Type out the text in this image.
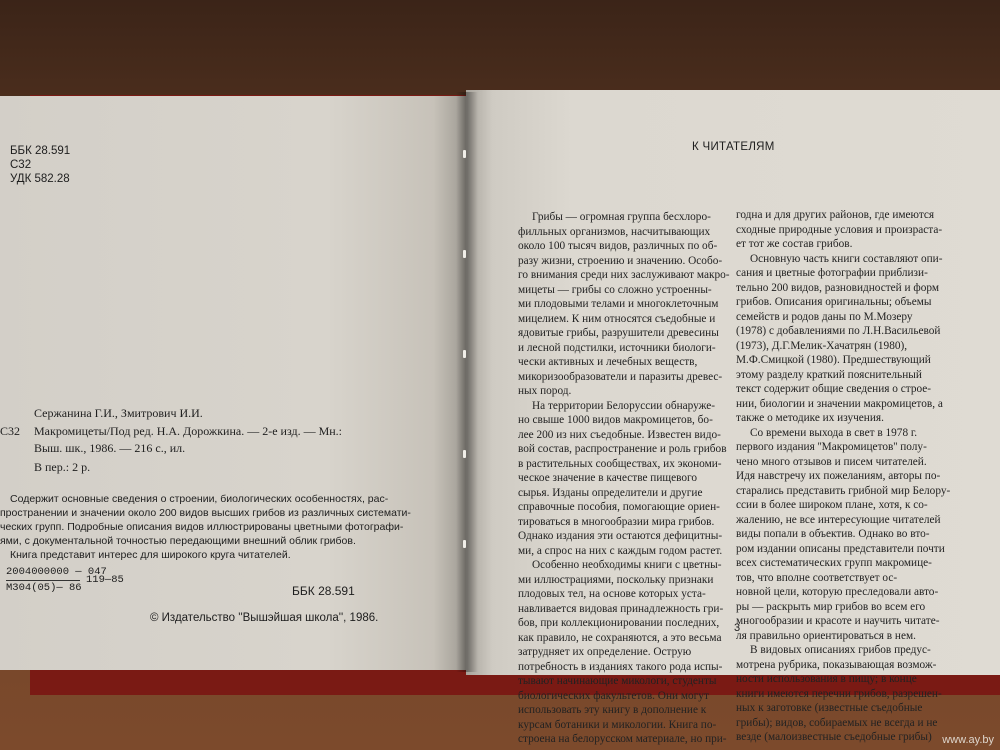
ББК 28.591
С32
УДК 582.28
Сержанина Г.И., Змитрович И.И.
С32 Макромицеты/Под ред. Н.А. Дорожкина. — 2-е изд. — Мн.:
Выш. шк., 1986. — 216 с., ил.
В пер.: 2 р.
Содержит основные сведения о строении, биологических особенностях, рас-
пространении и значении около 200 видов высших грибов из различных системати-
ческих групп. Подробные описания видов иллюстрированы цветными фотографи-
ями, с документальной точностью передающими внешний облик грибов.
Книга представит интерес для широкого круга читателей.
2004000000 — 047
М304(05)— 86
119—85
ББК 28.591
© Издательство ''Вышэйшая школа'', 1986.
К ЧИТАТЕЛЯМ
Грибы — огромная группа бесхлоро-
филльных организмов, насчитывающих
около 100 тысяч видов, различных по об-
разу жизни, строению и значению. Особо-
го внимания среди них заслуживают макро-
мицеты — грибы со сложно устроенны-
ми плодовыми телами и многоклеточным
мицелием. К ним относятся съедобные и
ядовитые грибы, разрушители древесины
и лесной подстилки, источники биологи-
чески активных и лечебных веществ,
микоризообразователи и паразиты древес-
ных пород.
На территории Белоруссии обнаруже-
но свыше 1000 видов макромицетов, бо-
лее 200 из них съедобные. Известен видо-
вой состав, распространение и роль грибов
в растительных сообществах, их экономи-
ческое значение в качестве пищевого
сырья. Изданы определители и другие
справочные пособия, помогающие ориен-
тироваться в многообразии мира грибов.
Однако издания эти остаются дефицитны-
ми, а спрос на них с каждым годом растет.
Особенно необходимы книги с цветны-
ми иллюстрациями, поскольку признаки
плодовых тел, на основе которых уста-
навливается видовая принадлежность гри-
бов, при коллекционировании последних,
как правило, не сохраняются, а это весьма
затрудняет их определение. Острую
потребность в изданиях такого рода испы-
тывают начинающие микологи, студенты
биологических факультетов. Они могут
использовать эту книгу в дополнение к
курсам ботаники и микологии. Книга по-
строена на белорусском материале, но при-
годна и для других районов, где имеются
сходные природные условия и произраста-
ет тот же состав грибов.
Основную часть книги составляют опи-
сания и цветные фотографии приблизи-
тельно 200 видов, разновидностей и форм
грибов. Описания оригинальны; объемы
семейств и родов даны по М.Мозеру
(1978) с добавлениями по Л.Н.Васильевой
(1973), Д.Г.Мелик-Хачатрян (1980),
М.Ф.Смицкой (1980). Предшествующий
этому разделу краткий пояснительный
текст содержит общие сведения о строе-
нии, биологии и значении макромицетов, а
также о методике их изучения.
Со времени выхода в свет в 1978 г.
первого издания ''Макромицетов'' полу-
чено много отзывов и писем читателей.
Идя навстречу их пожеланиям, авторы по-
старались представить грибной мир Белору-
ссии в более широком плане, хотя, к со-
жалению, не все интересующие читателей
виды попали в объектив. Однако во вто-
ром издании описаны представители почти
всех систематических групп макромице-
тов, что вполне соответствует ос-
новной цели, которую преследовали авто-
ры — раскрыть мир грибов во всем его
многообразии и красоте и научить читате-
ля правильно ориентироваться в нем.
В видовых описаниях грибов предус-
мотрена рубрика, показывающая возмож-
ности использования в пищу; в конце
книги имеются перечни грибов, разрешен-
ных к заготовке (известные съедобные
грибы); видов, собираемых не всегда и не
везде (малоизвестные съедобные грибы)
3
www.ay.by
